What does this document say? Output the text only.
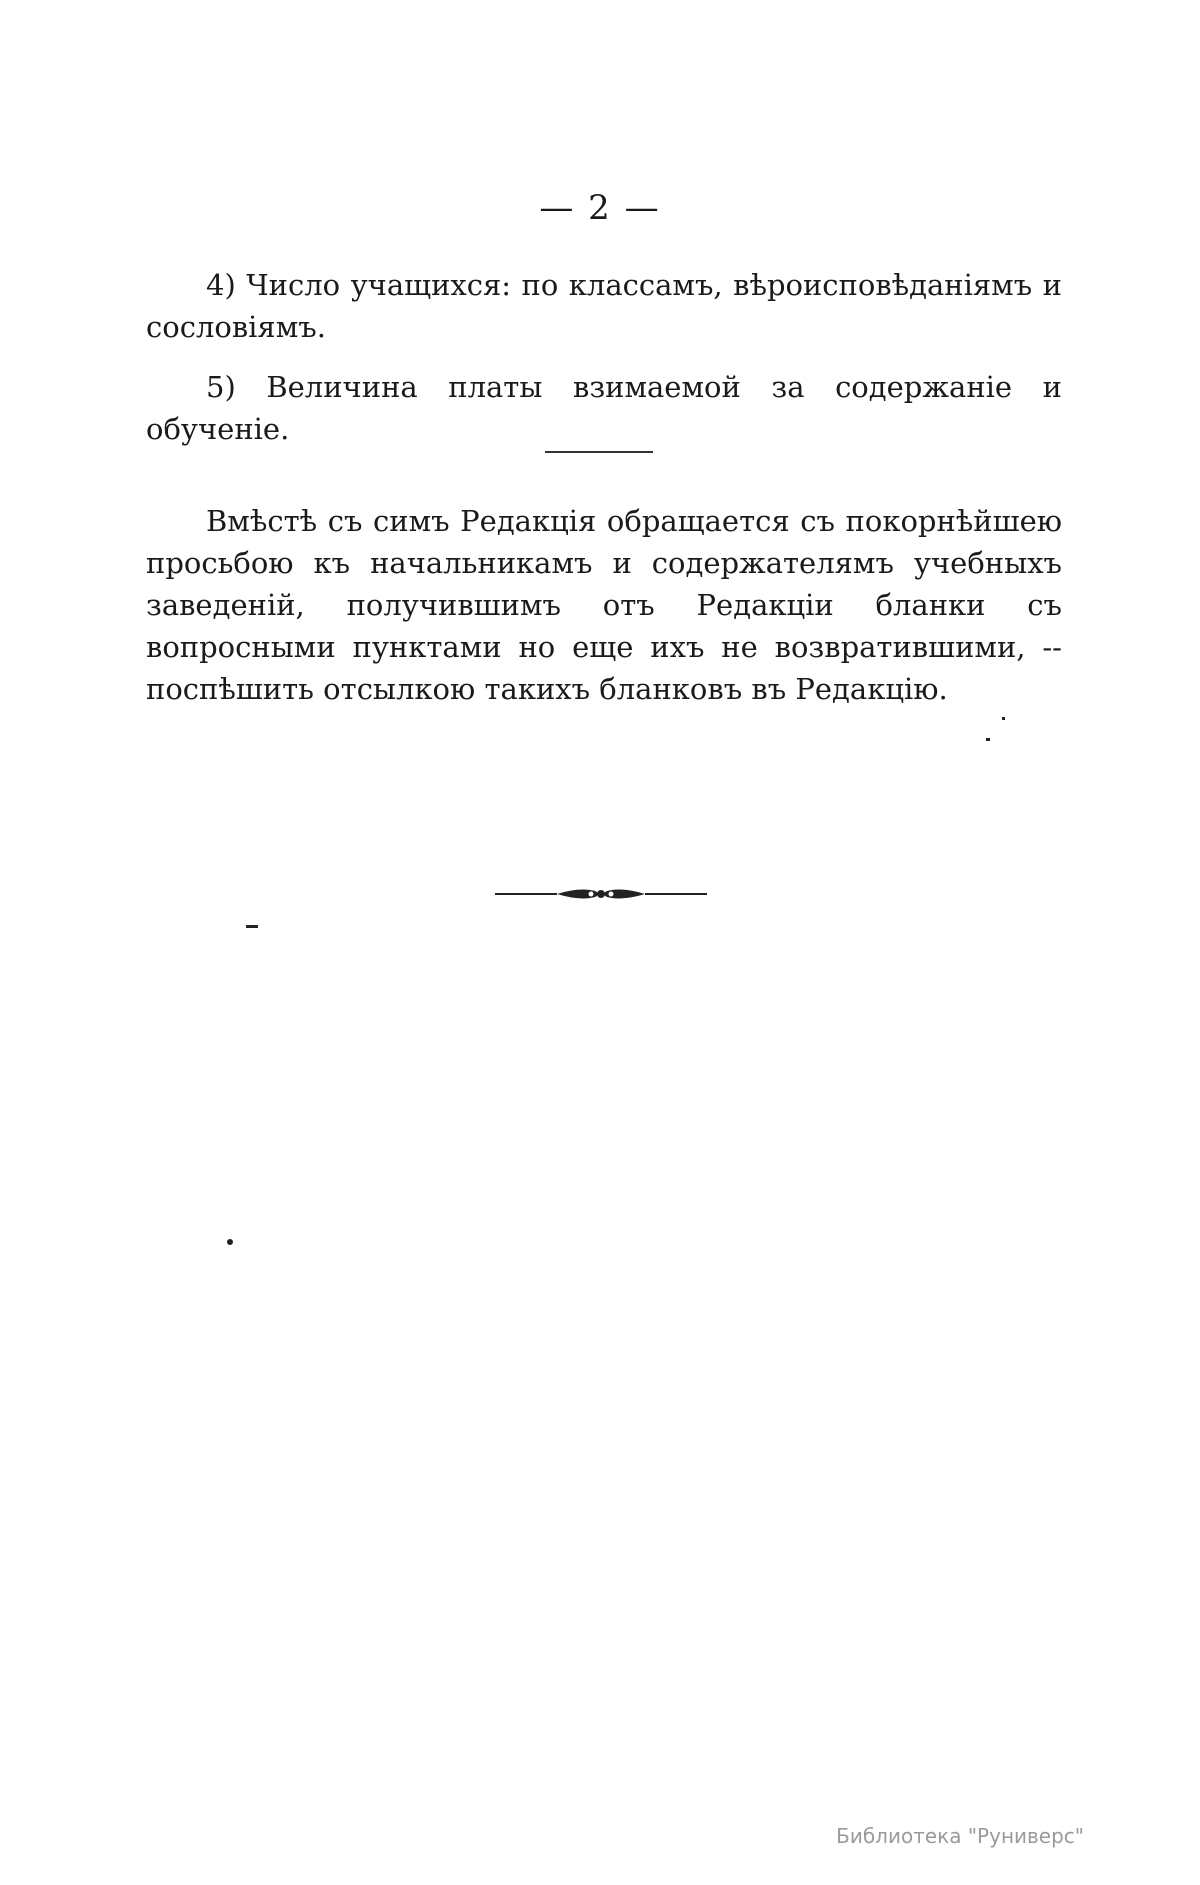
— 2 —

4) Число учащихся: по классамъ, вѣроисповѣданіямъ и сословіямъ.

5) Величина платы взимаемой за содержаніе и обученіе.

Вмѣстѣ съ симъ Редакція обращается съ покорнѣйшею просьбою къ начальникамъ и содержателямъ учебныхъ заведеній, получившимъ отъ Редакціи бланки съ вопросными пунктами но еще ихъ не возвратившими, -- поспѣшить отсылкою такихъ бланковъ въ Редакцію.

Библиотека "Руниверс"
